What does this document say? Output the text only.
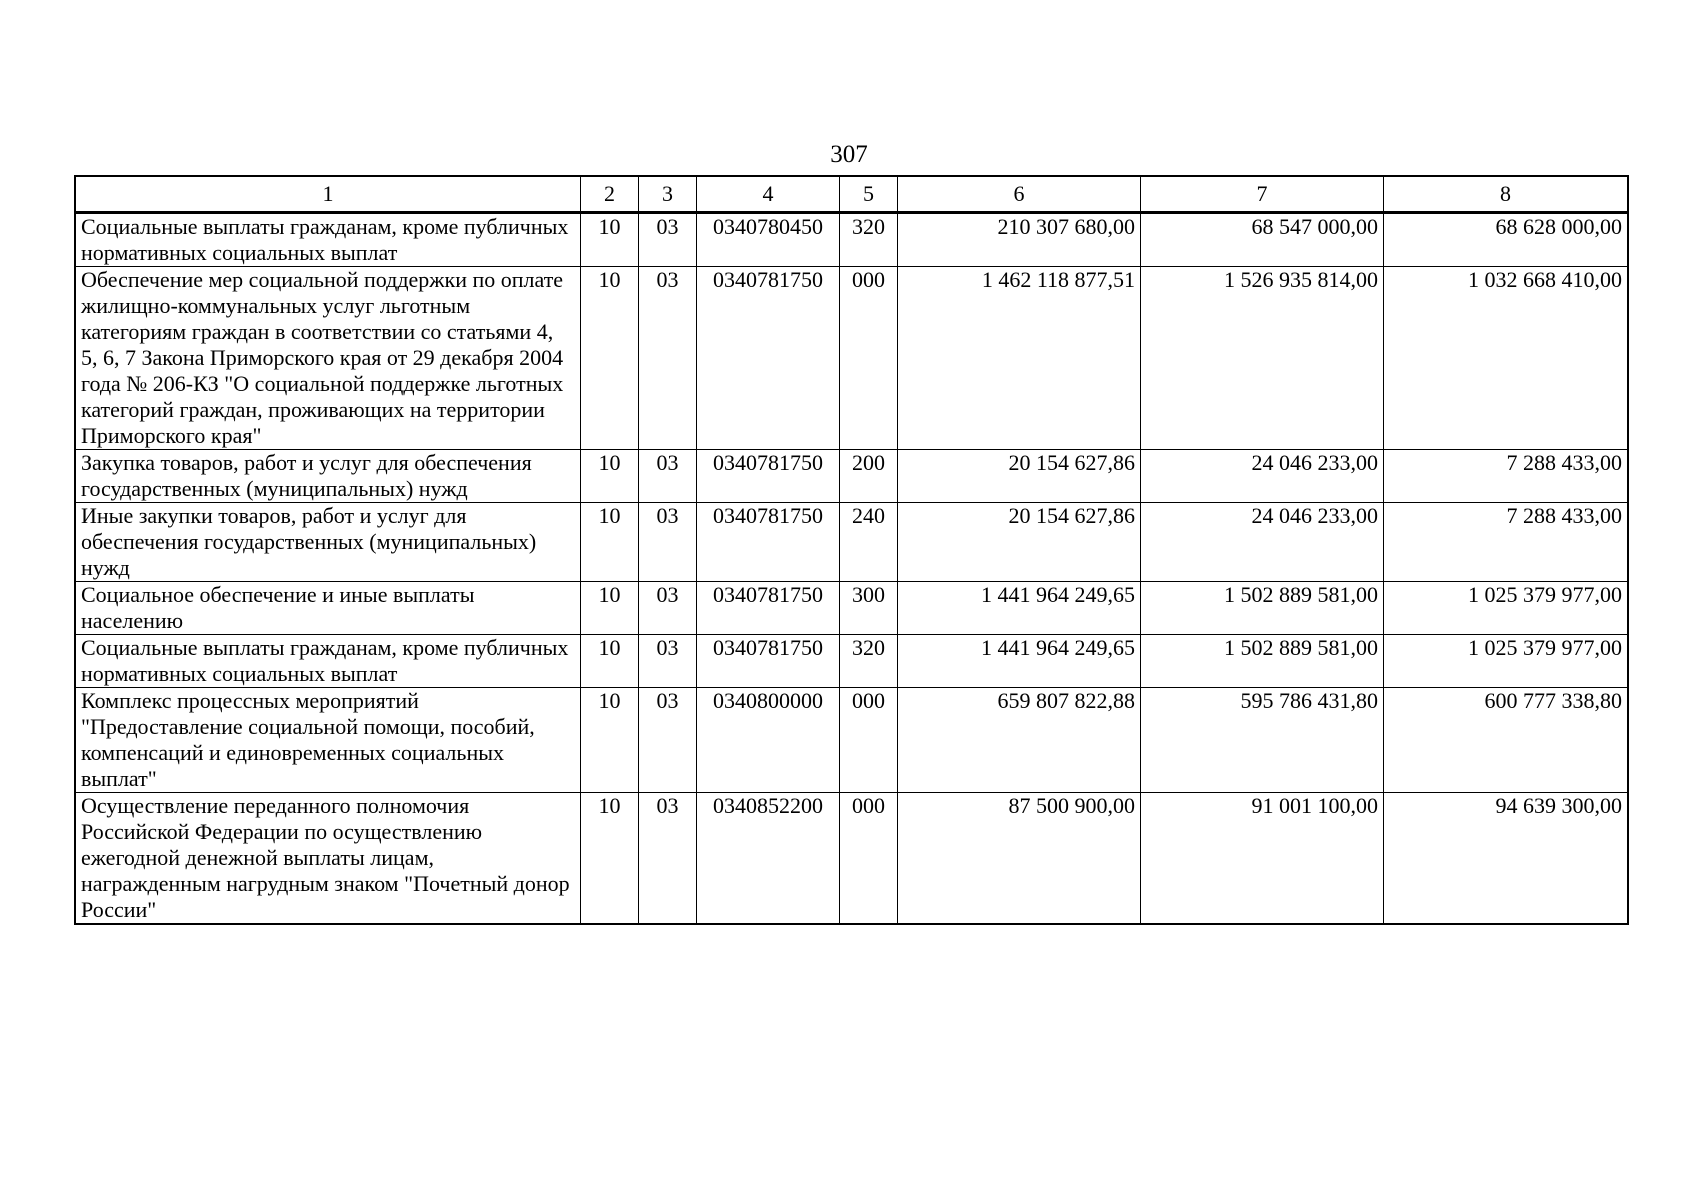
307
1	2	3	4	5	6	7	8
Социальные выплаты гражданам, кроме публичных нормативных социальных выплат	10	03	0340780450	320	210 307 680,00	68 547 000,00	68 628 000,00
Обеспечение мер социальной поддержки по оплате жилищно-коммунальных услуг льготным категориям граждан в соответствии со статьями 4, 5, 6, 7 Закона Приморского края от 29 декабря 2004 года № 206-КЗ "О социальной поддержке льготных категорий граждан, проживающих на территории Приморского края"	10	03	0340781750	000	1 462 118 877,51	1 526 935 814,00	1 032 668 410,00
Закупка товаров, работ и услуг для обеспечения государственных (муниципальных) нужд	10	03	0340781750	200	20 154 627,86	24 046 233,00	7 288 433,00
Иные закупки товаров, работ и услуг для обеспечения государственных (муниципальных) нужд	10	03	0340781750	240	20 154 627,86	24 046 233,00	7 288 433,00
Социальное обеспечение и иные выплаты населению	10	03	0340781750	300	1 441 964 249,65	1 502 889 581,00	1 025 379 977,00
Социальные выплаты гражданам, кроме публичных нормативных социальных выплат	10	03	0340781750	320	1 441 964 249,65	1 502 889 581,00	1 025 379 977,00
Комплекс процессных мероприятий "Предоставление социальной помощи, пособий, компенсаций и единовременных социальных выплат"	10	03	0340800000	000	659 807 822,88	595 786 431,80	600 777 338,80
Осуществление переданного полномочия Российской Федерации по осуществлению ежегодной денежной выплаты лицам, награжденным нагрудным знаком "Почетный донор России"	10	03	0340852200	000	87 500 900,00	91 001 100,00	94 639 300,00
